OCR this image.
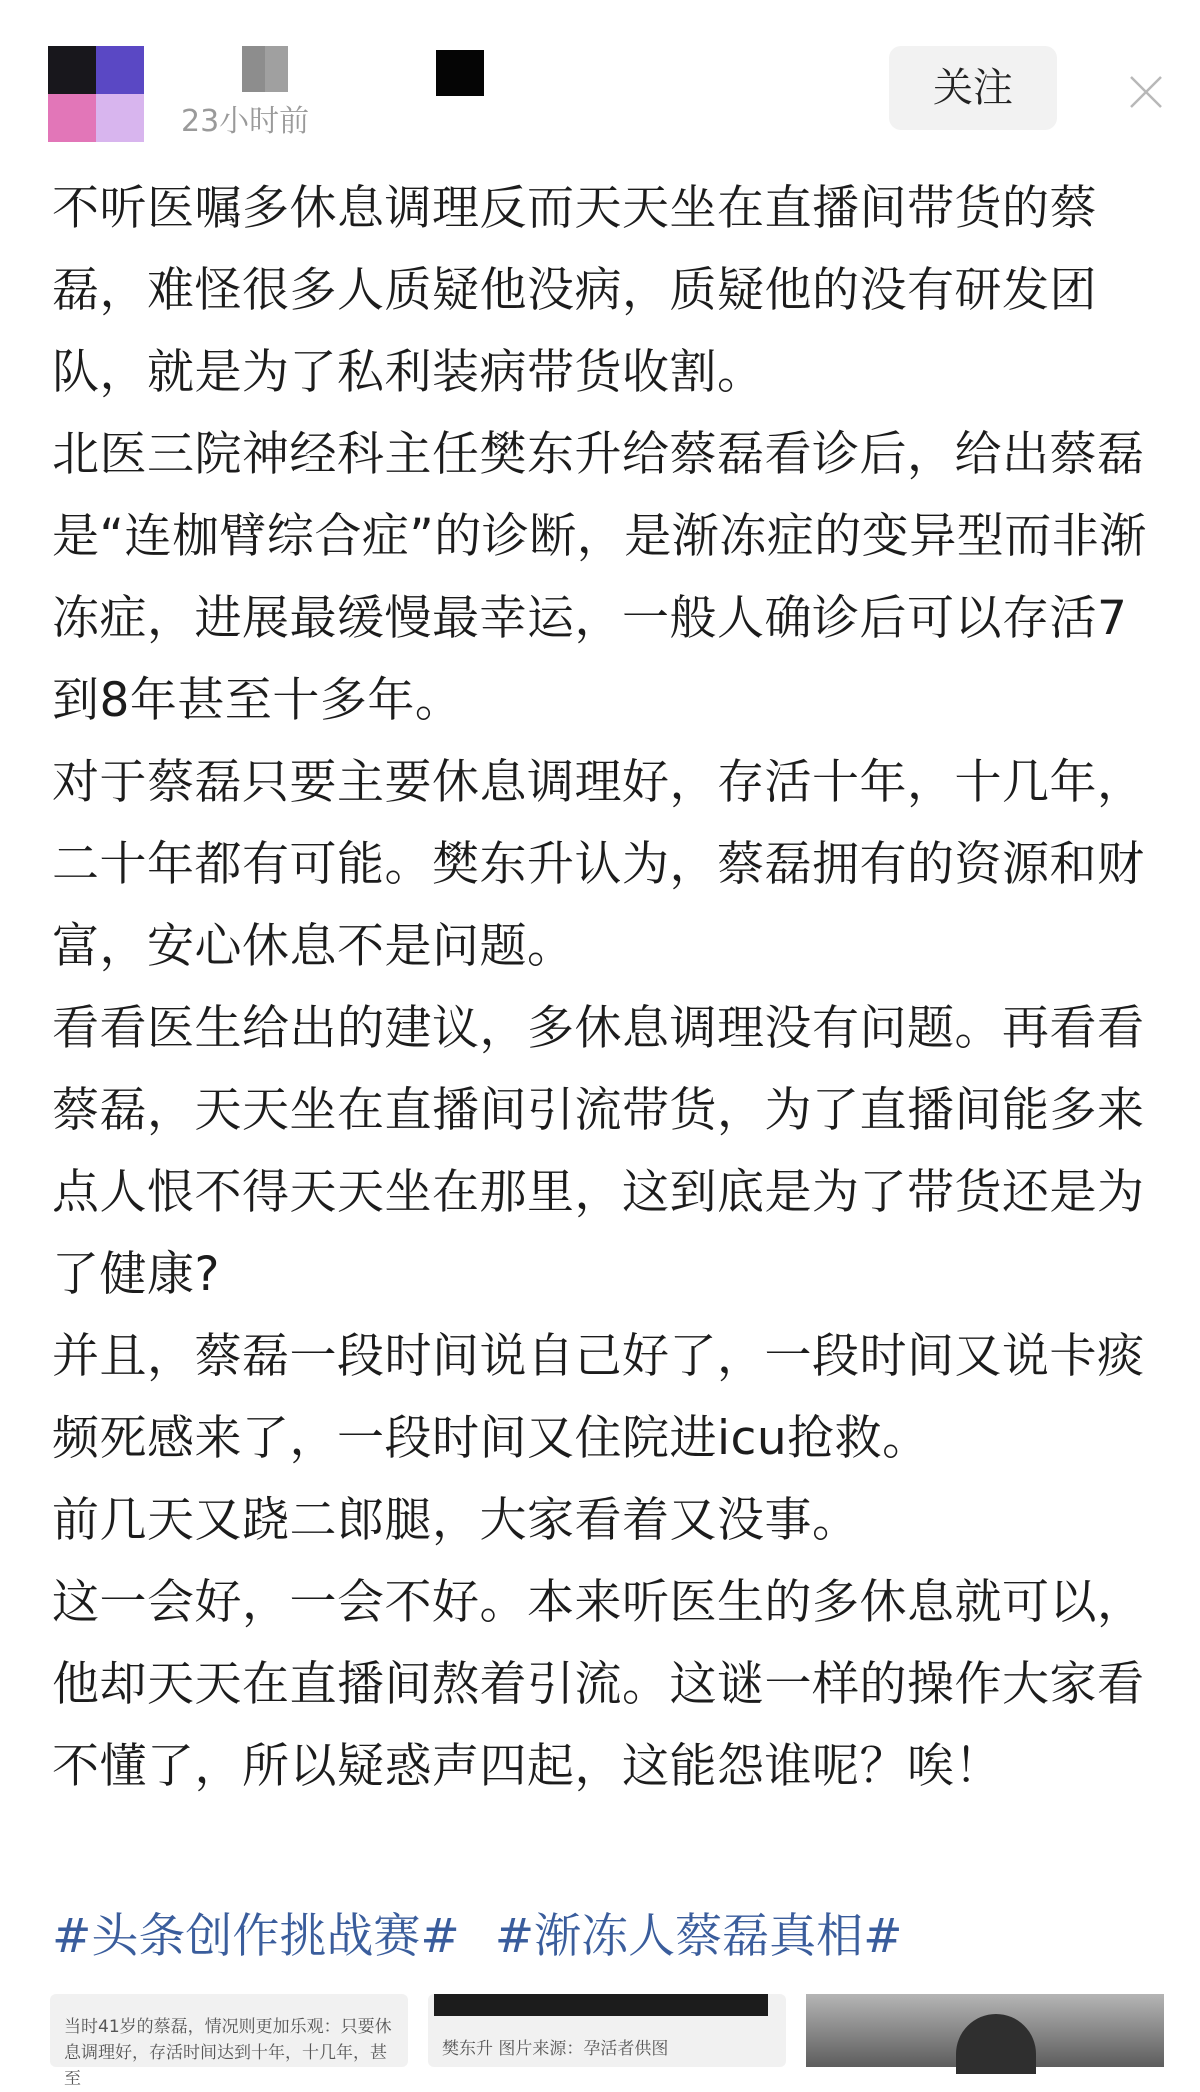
23小时前
关注

不听医嘱多休息调理反而天天坐在直播间带货的蔡磊，难怪很多人质疑他没病，质疑他的没有研发团队，就是为了私利装病带货收割。

北医三院神经科主任樊东升给蔡磊看诊后，给出蔡磊是“连枷臂综合症”的诊断，是渐冻症的变异型而非渐冻症，进展最缓慢最幸运，一般人确诊后可以存活7到8年甚至十多年。

对于蔡磊只要主要休息调理好，存活十年，十几年，二十年都有可能。樊东升认为，蔡磊拥有的资源和财富，安心休息不是问题。

看看医生给出的建议，多休息调理没有问题。再看看蔡磊，天天坐在直播间引流带货，为了直播间能多来点人恨不得天天坐在那里，这到底是为了带货还是为了健康?

并且，蔡磊一段时间说自己好了，一段时间又说卡痰频死感来了，一段时间又住院进icu抢救。

前几天又跷二郎腿，大家看着又没事。

这一会好，一会不好。本来听医生的多休息就可以，他却天天在直播间熬着引流。这谜一样的操作大家看不懂了，所以疑惑声四起，这能怨谁呢？唉！

#头条创作挑战赛# #渐冻人蔡磊真相#
当时41岁的蔡磊，情况则更加乐观：只要休息调理好，存活时间达到十年，十几年，甚至
樊东升 图片来源：孕活者供图
